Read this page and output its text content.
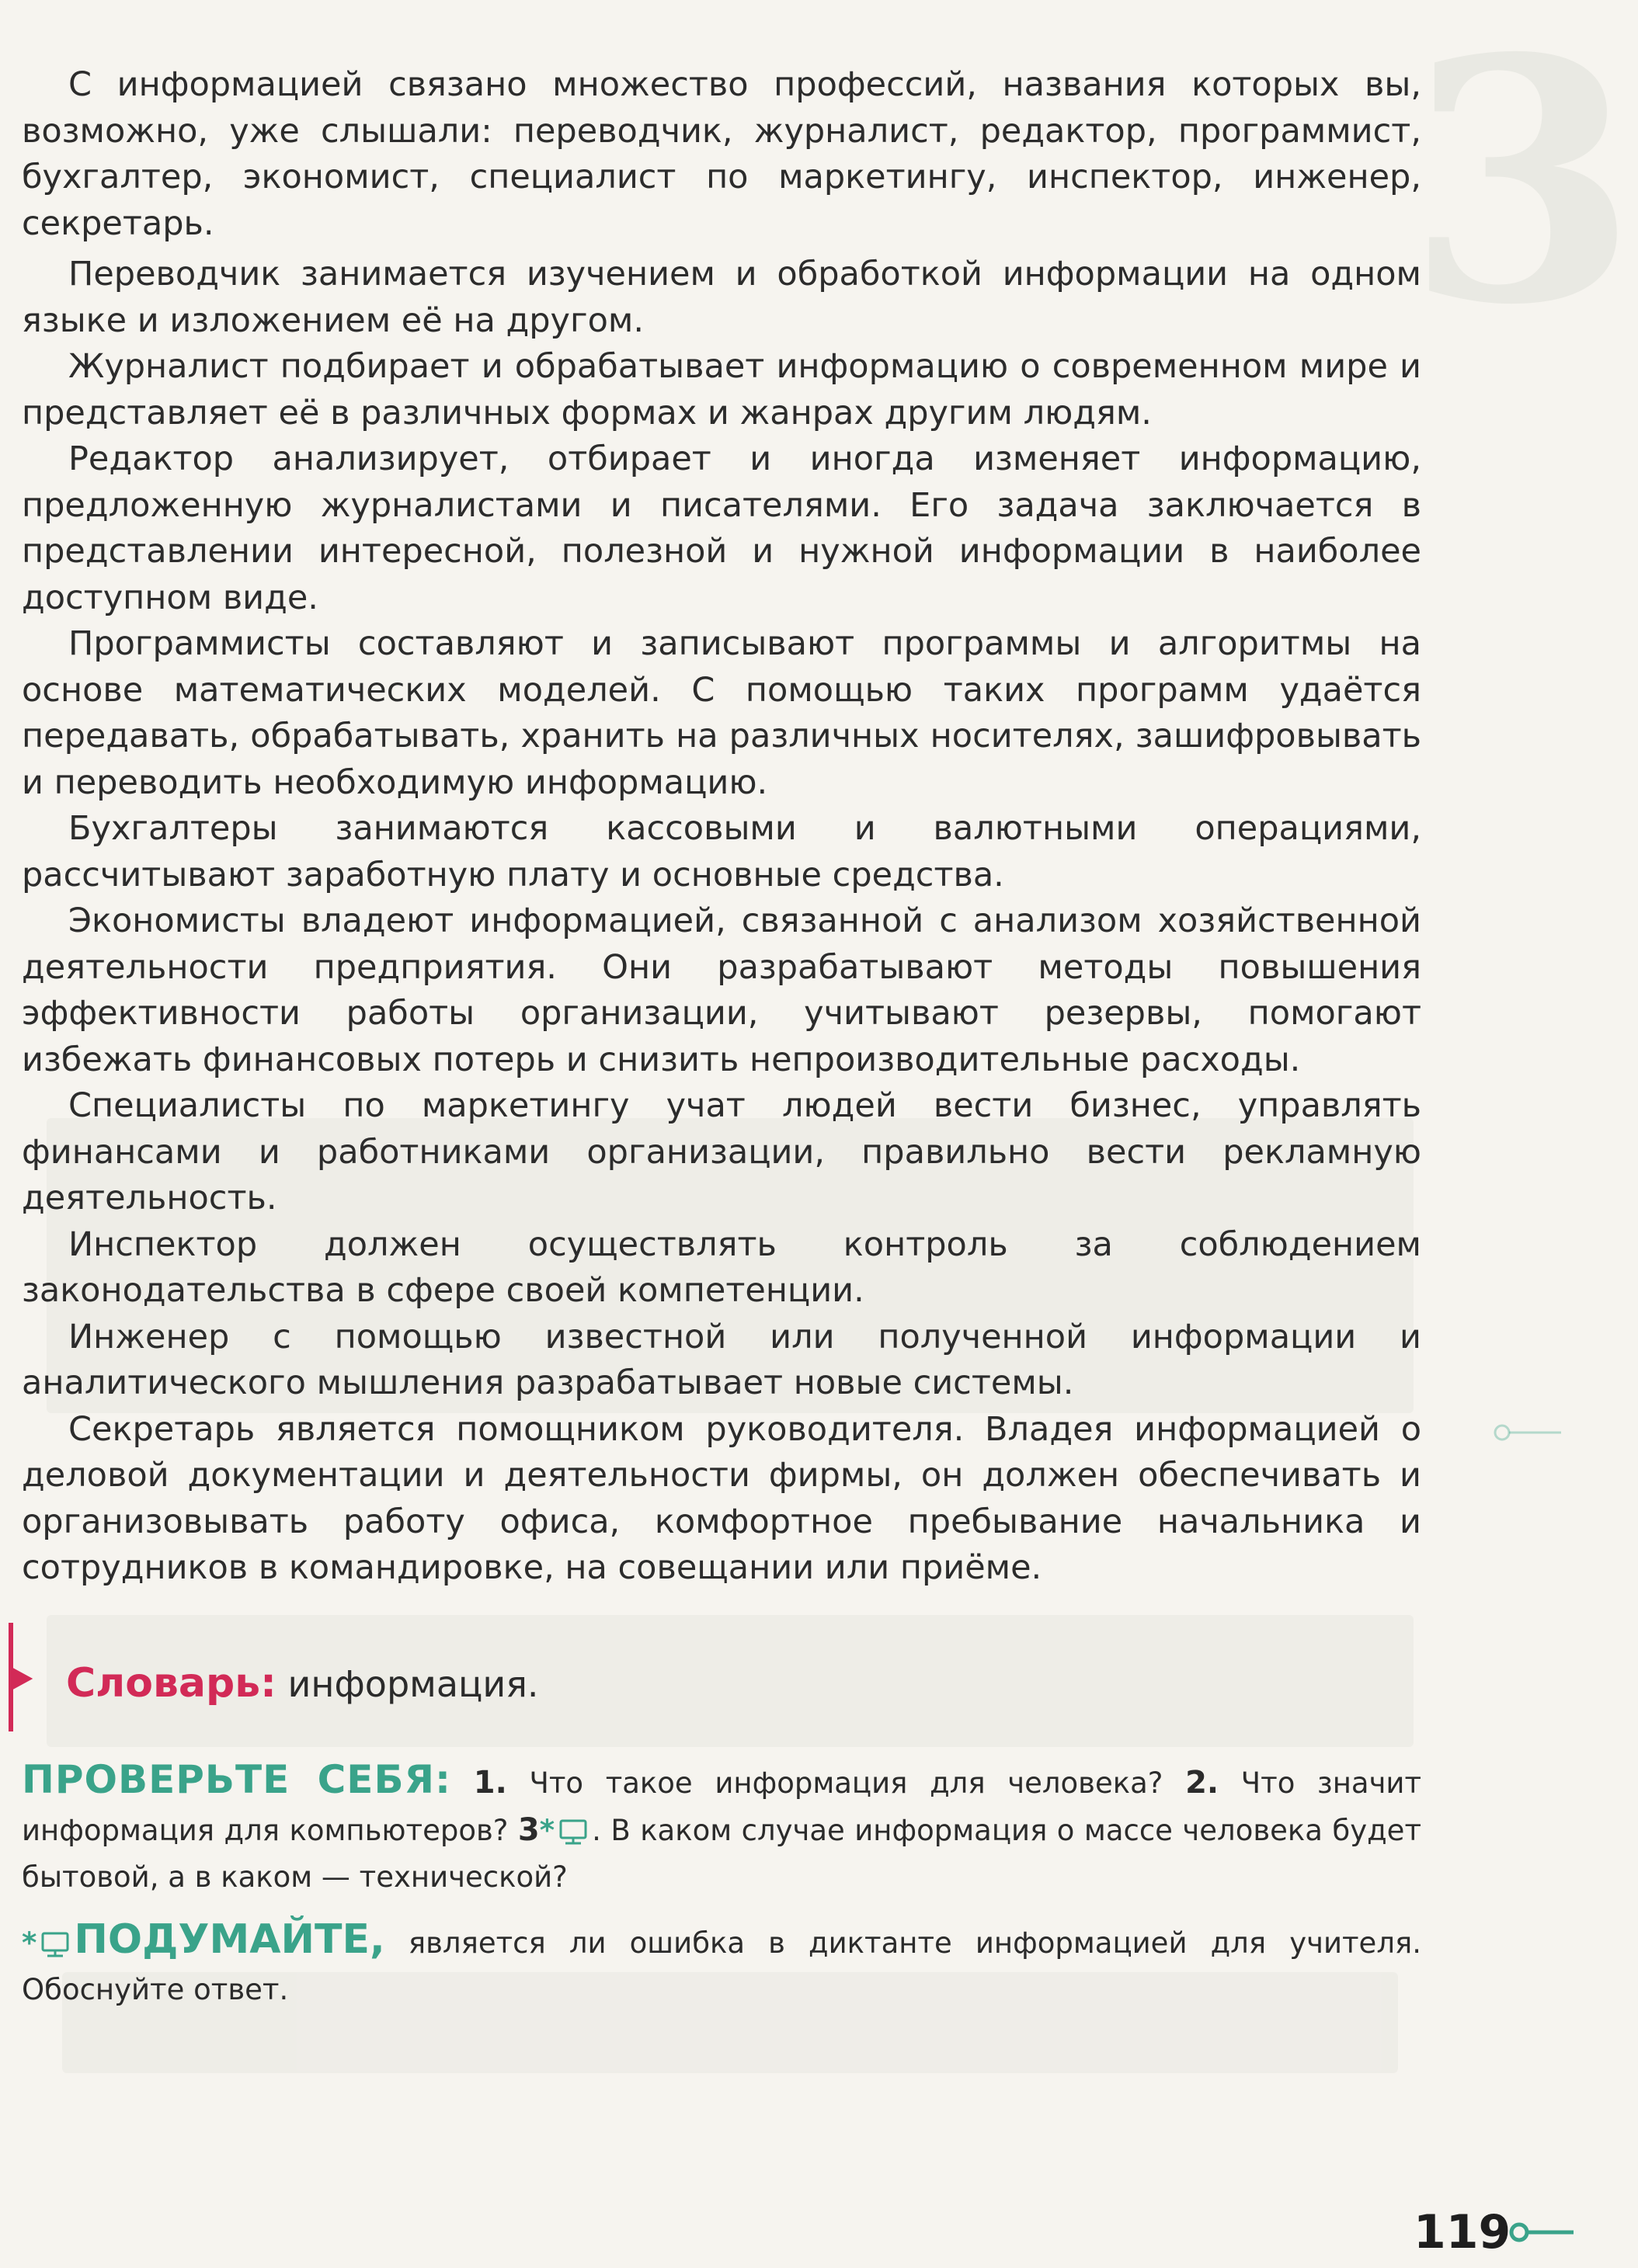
3

С информацией связано множество профессий, названия которых вы, возможно, уже слышали: переводчик, журналист, редактор, программист, бухгалтер, экономист, специалист по маркетингу, инспектор, инженер, секретарь.

Переводчик занимается изучением и обработкой информации на одном языке и изложением её на другом.

Журналист подбирает и обрабатывает информацию о современном мире и представляет её в различных формах и жанрах другим людям.

Редактор анализирует, отбирает и иногда изменяет информацию, предложенную журналистами и писателями. Его задача заключается в представлении интересной, полезной и нужной информации в наиболее доступном виде.

Программисты составляют и записывают программы и алгоритмы на основе математических моделей. С помощью таких программ удаётся передавать, обрабатывать, хранить на различных носителях, зашифровывать и переводить необходимую информацию.

Бухгалтеры занимаются кассовыми и валютными операциями, рассчитывают заработную плату и основные средства.

Экономисты владеют информацией, связанной с анализом хозяйственной деятельности предприятия. Они разрабатывают методы повышения эффективности работы организации, учитывают резервы, помогают избежать финансовых потерь и снизить непроизводительные расходы.

Специалисты по маркетингу учат людей вести бизнес, управлять финансами и работниками организации, правильно вести рекламную деятельность.

Инспектор должен осуществлять контроль за соблюдением законодательства в сфере своей компетенции.

Инженер с помощью известной или полученной информации и аналитического мышления разрабатывает новые системы.

Секретарь является помощником руководителя. Владея информацией о деловой документации и деятельности фирмы, он должен обеспечивать и организовывать работу офиса, комфортное пребывание начальника и сотрудников в командировке, на совещании или приёме.

Словарь: информация.
ПРОВЕРЬТЕ СЕБЯ: 1. Что такое информация для человека? 2. Что значит информация для компьютеров? 3* . В каком случае информация о массе человека будет бытовой, а в каком — технической?
* ПОДУМАЙТЕ, является ли ошибка в диктанте информацией для учителя. Обоснуйте ответ.
119
